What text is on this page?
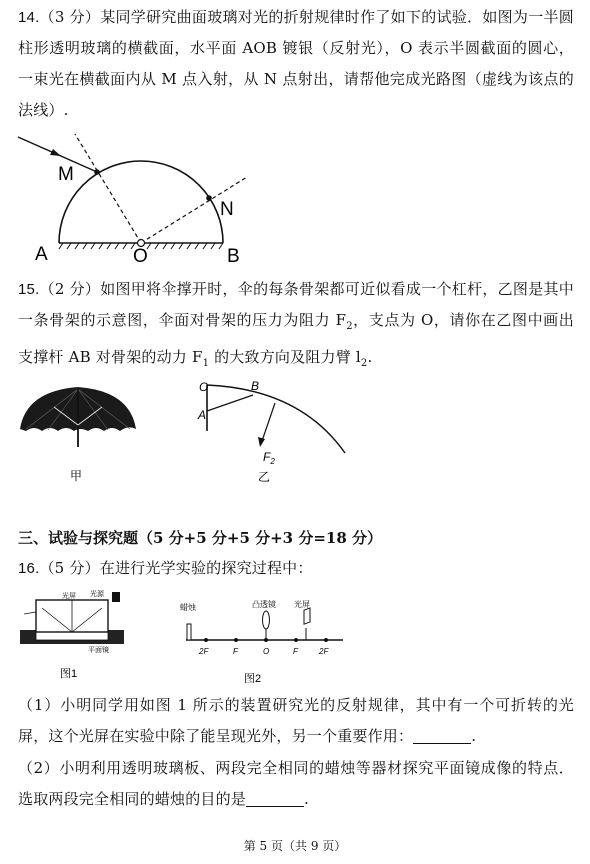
14.（3 分）某同学研究曲面玻璃对光的折射规律时作了如下的试验．如图为一半圆柱形透明玻璃的横截面，水平面 AOB 镀银（反射光），O 表示半圆截面的圆心，一束光在横截面内从 M 点入射，从 N 点射出，请帮他完成光路图（虚线为该点的法线）.
M
N
A	O	B
15.（2 分）如图甲将伞撑开时，伞的每条骨架都可近似看成一个杠杆，乙图是其中一条骨架的示意图，伞面对骨架的压力为阻力 $F_2$，支点为 O，请你在乙图中画出支撑杆 AB 对骨架的动力 $F_1$ 的大致方向及阻力臂 $l_2$.
甲
O
A
B
$F_2$
乙
三、试验与探究题（5 分+5 分+5 分+3 分=18 分）
16.（5 分）在进行光学实验的探究过程中：
光屏 光源
平面镜
图1
蜡烛	凸透镜 光屏
2F	F	O	F	2F
图2
（1）小明同学用如图 1 所示的装置研究光的反射规律，其中有一个可折转的光屏，这个光屏在实验中除了能呈现光外，另一个重要作用：	.
（2）小明利用透明玻璃板、两段完全相同的蜡烛等器材探究平面镜成像的特点．选取两段完全相同的蜡烛的目的是	.
第 5 页（共 9 页）
